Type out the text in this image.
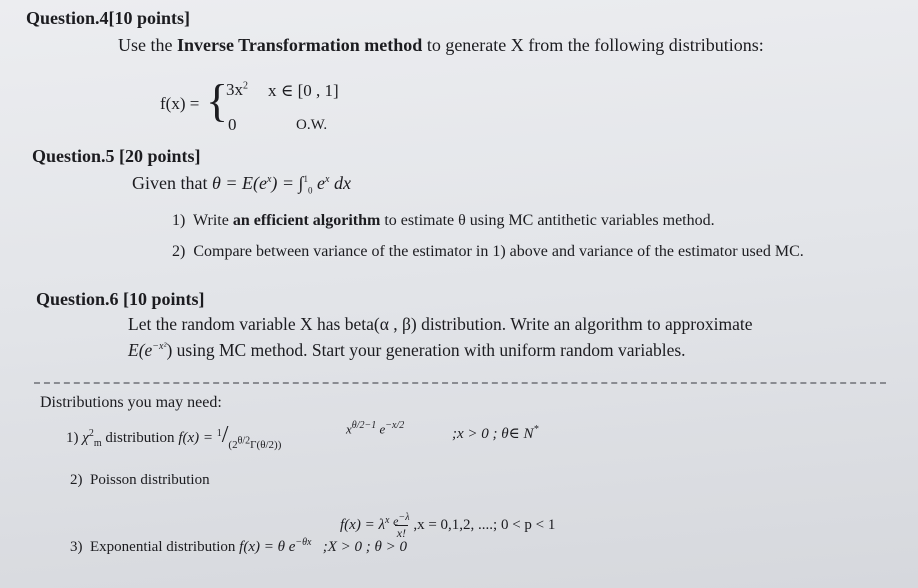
Question.4[10 points]
Use the Inverse Transformation method to generate X from the following distributions:
f(x) = {
$3x^2$ x ∈ [0 , 1]
0	O.W.
Question.5 [20 points]
Given that $\theta = E(e^x) = \int^1_0$ $e^x$ dx
1) Write an efficient algorithm to estimate θ using MC antithetic variables method.
2) Compare between variance of the estimator in 1) above and variance of the estimator used MC.
Question.6 [10 points]
Let the random variable X has beta(α , β) distribution. Write an algorithm to approximate
$E(e^{-x^2})$ using MC method. Start your generation with uniform random variables.
Distributions you may need:
1) $\chi^2_m$ distribution $f(x) = ^1/_{(2^{\theta/2}\Gamma(\theta/2))}$
$x^{\theta/2-1}$ $e^{-x/2}$
;x > 0 ; θ∈ N*
2) Poisson distribution
$f(x) = \lambda^x \frac{e^{-\lambda}}{x!} ,x = 0,1,2$, ....; 0 < p < 1
3) Exponential distribution f(x) = θ $e^{-\theta x}$ ;X > 0 ; θ > 0
